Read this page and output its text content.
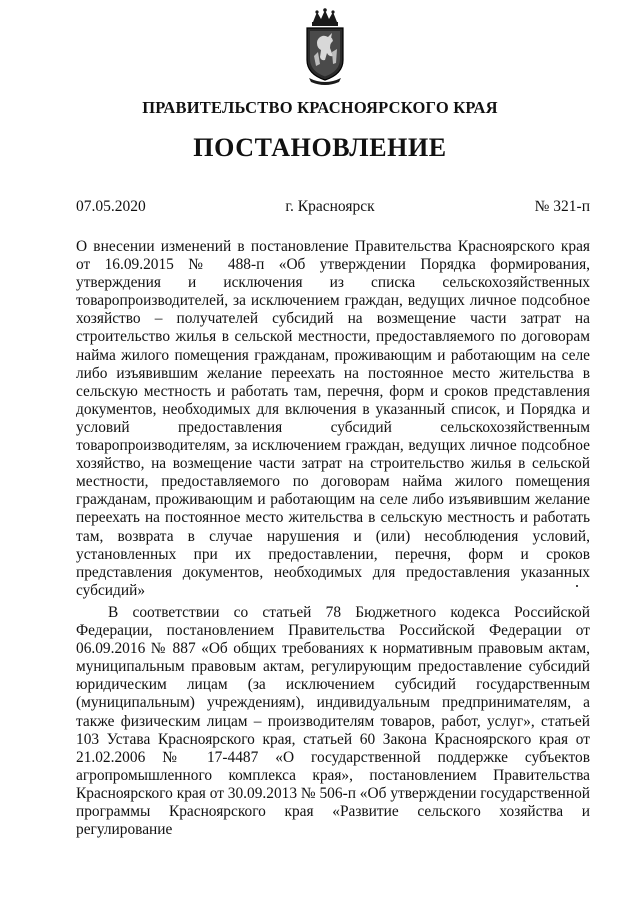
ПРАВИТЕЛЬСТВО КРАСНОЯРСКОГО КРАЯ
ПОСТАНОВЛЕНИЕ
07.05.2020	г. Красноярск	№ 321-п
О внесении изменений в постановление Правительства Красноярского края от 16.09.2015 № 488-п «Об утверждении Порядка формирования, утверждения и исключения из списка сельскохозяйственных товаропроизводителей, за исключением граждан, ведущих личное подсобное хозяйство – получателей субсидий на возмещение части затрат на строительство жилья в сельской местности, предоставляемого по договорам найма жилого помещения гражданам, проживающим и работающим на селе либо изъявившим желание переехать на постоянное место жительства в сельскую местность и работать там, перечня, форм и сроков представления документов, необходимых для включения в указанный список, и Порядка и условий предоставления субсидий сельскохозяйственным товаропроизводителям, за исключением граждан, ведущих личное подсобное хозяйство, на возмещение части затрат на строительство жилья в сельской местности, предоставляемого по договорам найма жилого помещения гражданам, проживающим и работающим на селе либо изъявившим желание переехать на постоянное место жительства в сельскую местность и работать там, возврата в случае нарушения и (или) несоблюдения условий, установленных при их предоставлении, перечня, форм и сроков представления документов, необходимых для предоставления указанных субсидий»
В соответствии со статьей 78 Бюджетного кодекса Российской Федерации, постановлением Правительства Российской Федерации от 06.09.2016 № 887 «Об общих требованиях к нормативным правовым актам, муниципальным правовым актам, регулирующим предоставление субсидий юридическим лицам (за исключением субсидий государственным (муниципальным) учреждениям), индивидуальным предпринимателям, а также физическим лицам – производителям товаров, работ, услуг», статьей 103 Устава Красноярского края, статьей 60 Закона Красноярского края от 21.02.2006 № 17-4487 «О государственной поддержке субъектов агропромышленного комплекса края», постановлением Правительства Красноярского края от 30.09.2013 № 506-п «Об утверждении государственной программы Красноярского края «Развитие сельского хозяйства и регулирование
